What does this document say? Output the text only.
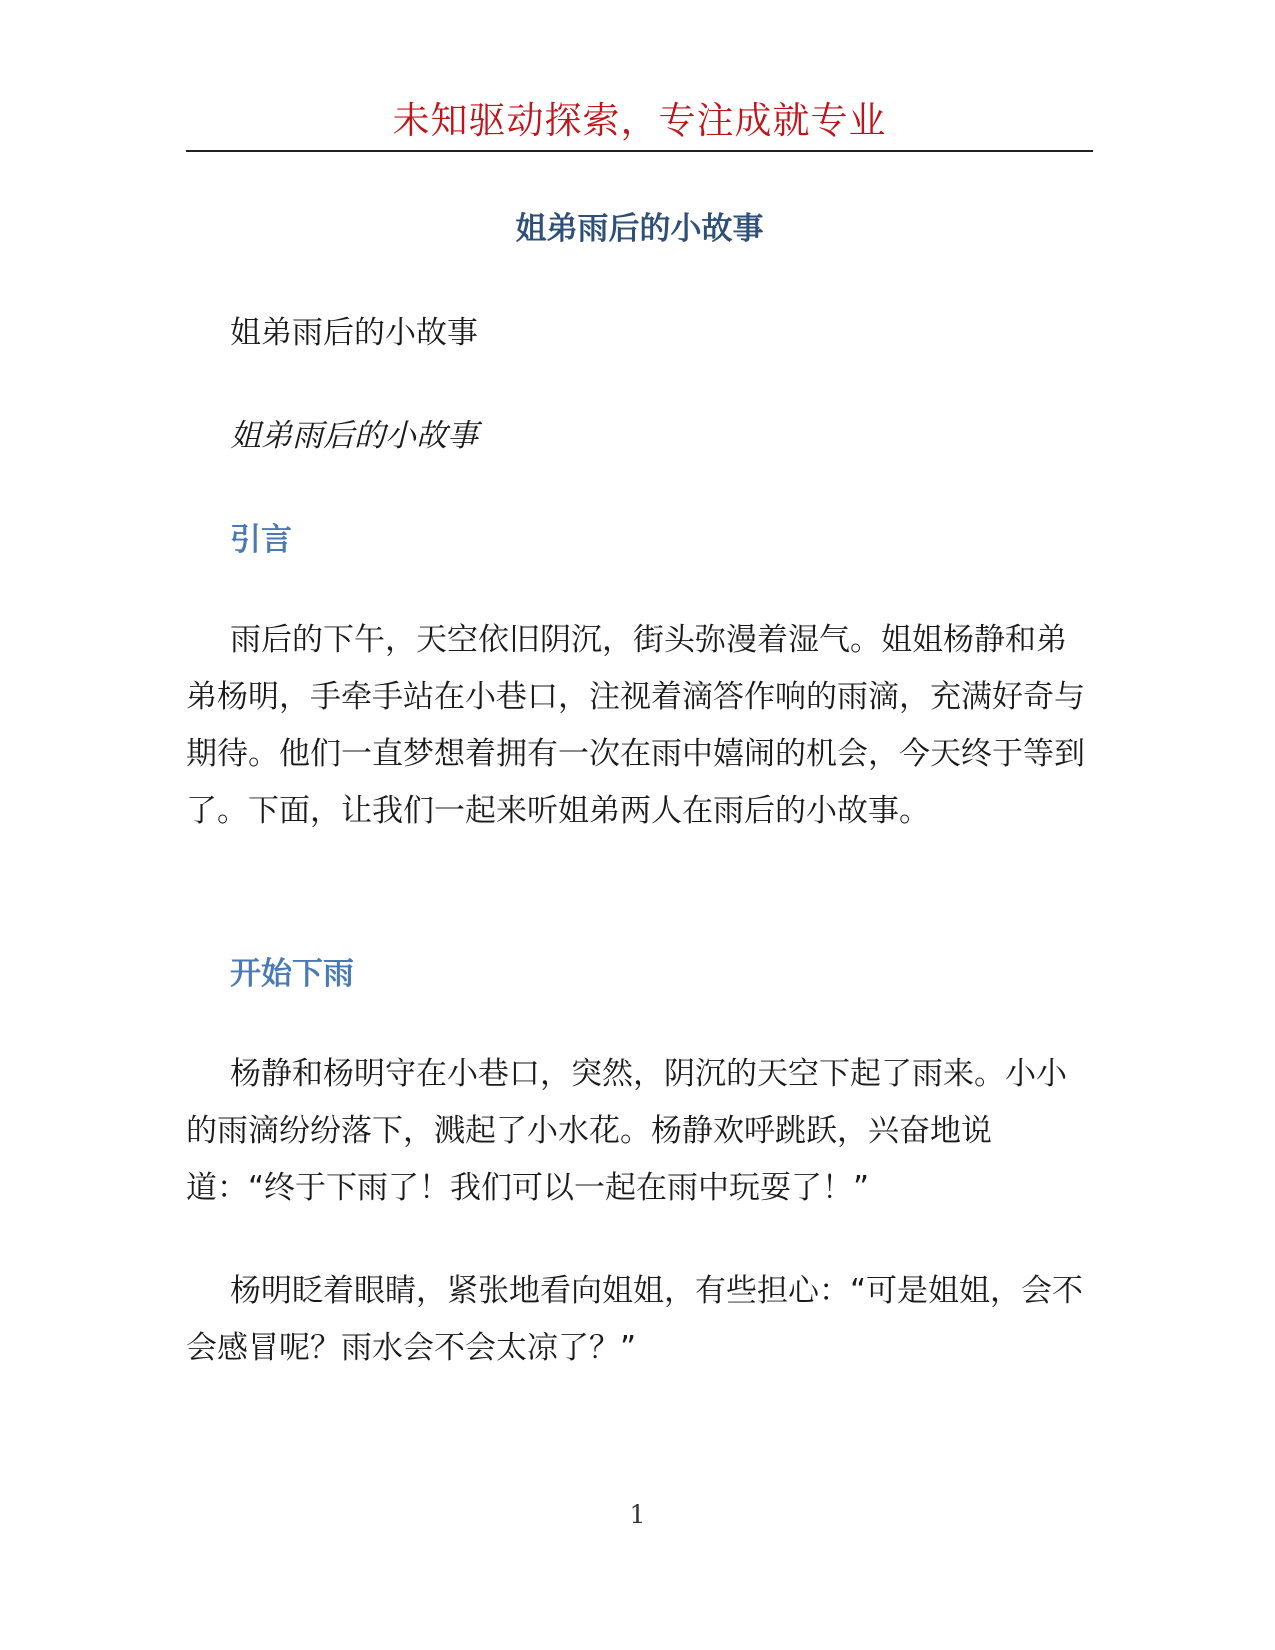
未知驱动探索，专注成就专业
姐弟雨后的小故事
姐弟雨后的小故事
姐弟雨后的小故事
引言
雨后的下午，天空依旧阴沉，街头弥漫着湿气。姐姐杨静和弟弟杨明，手牵手站在小巷口，注视着滴答作响的雨滴，充满好奇与期待。他们一直梦想着拥有一次在雨中嬉闹的机会，今天终于等到了。下面，让我们一起来听姐弟两人在雨后的小故事。
开始下雨
杨静和杨明守在小巷口，突然，阴沉的天空下起了雨来。小小的雨滴纷纷落下，溅起了小水花。杨静欢呼跳跃，兴奋地说道：“终于下雨了！我们可以一起在雨中玩耍了！”
杨明眨着眼睛，紧张地看向姐姐，有些担心：“可是姐姐，会不会感冒呢？雨水会不会太凉了？”
1
